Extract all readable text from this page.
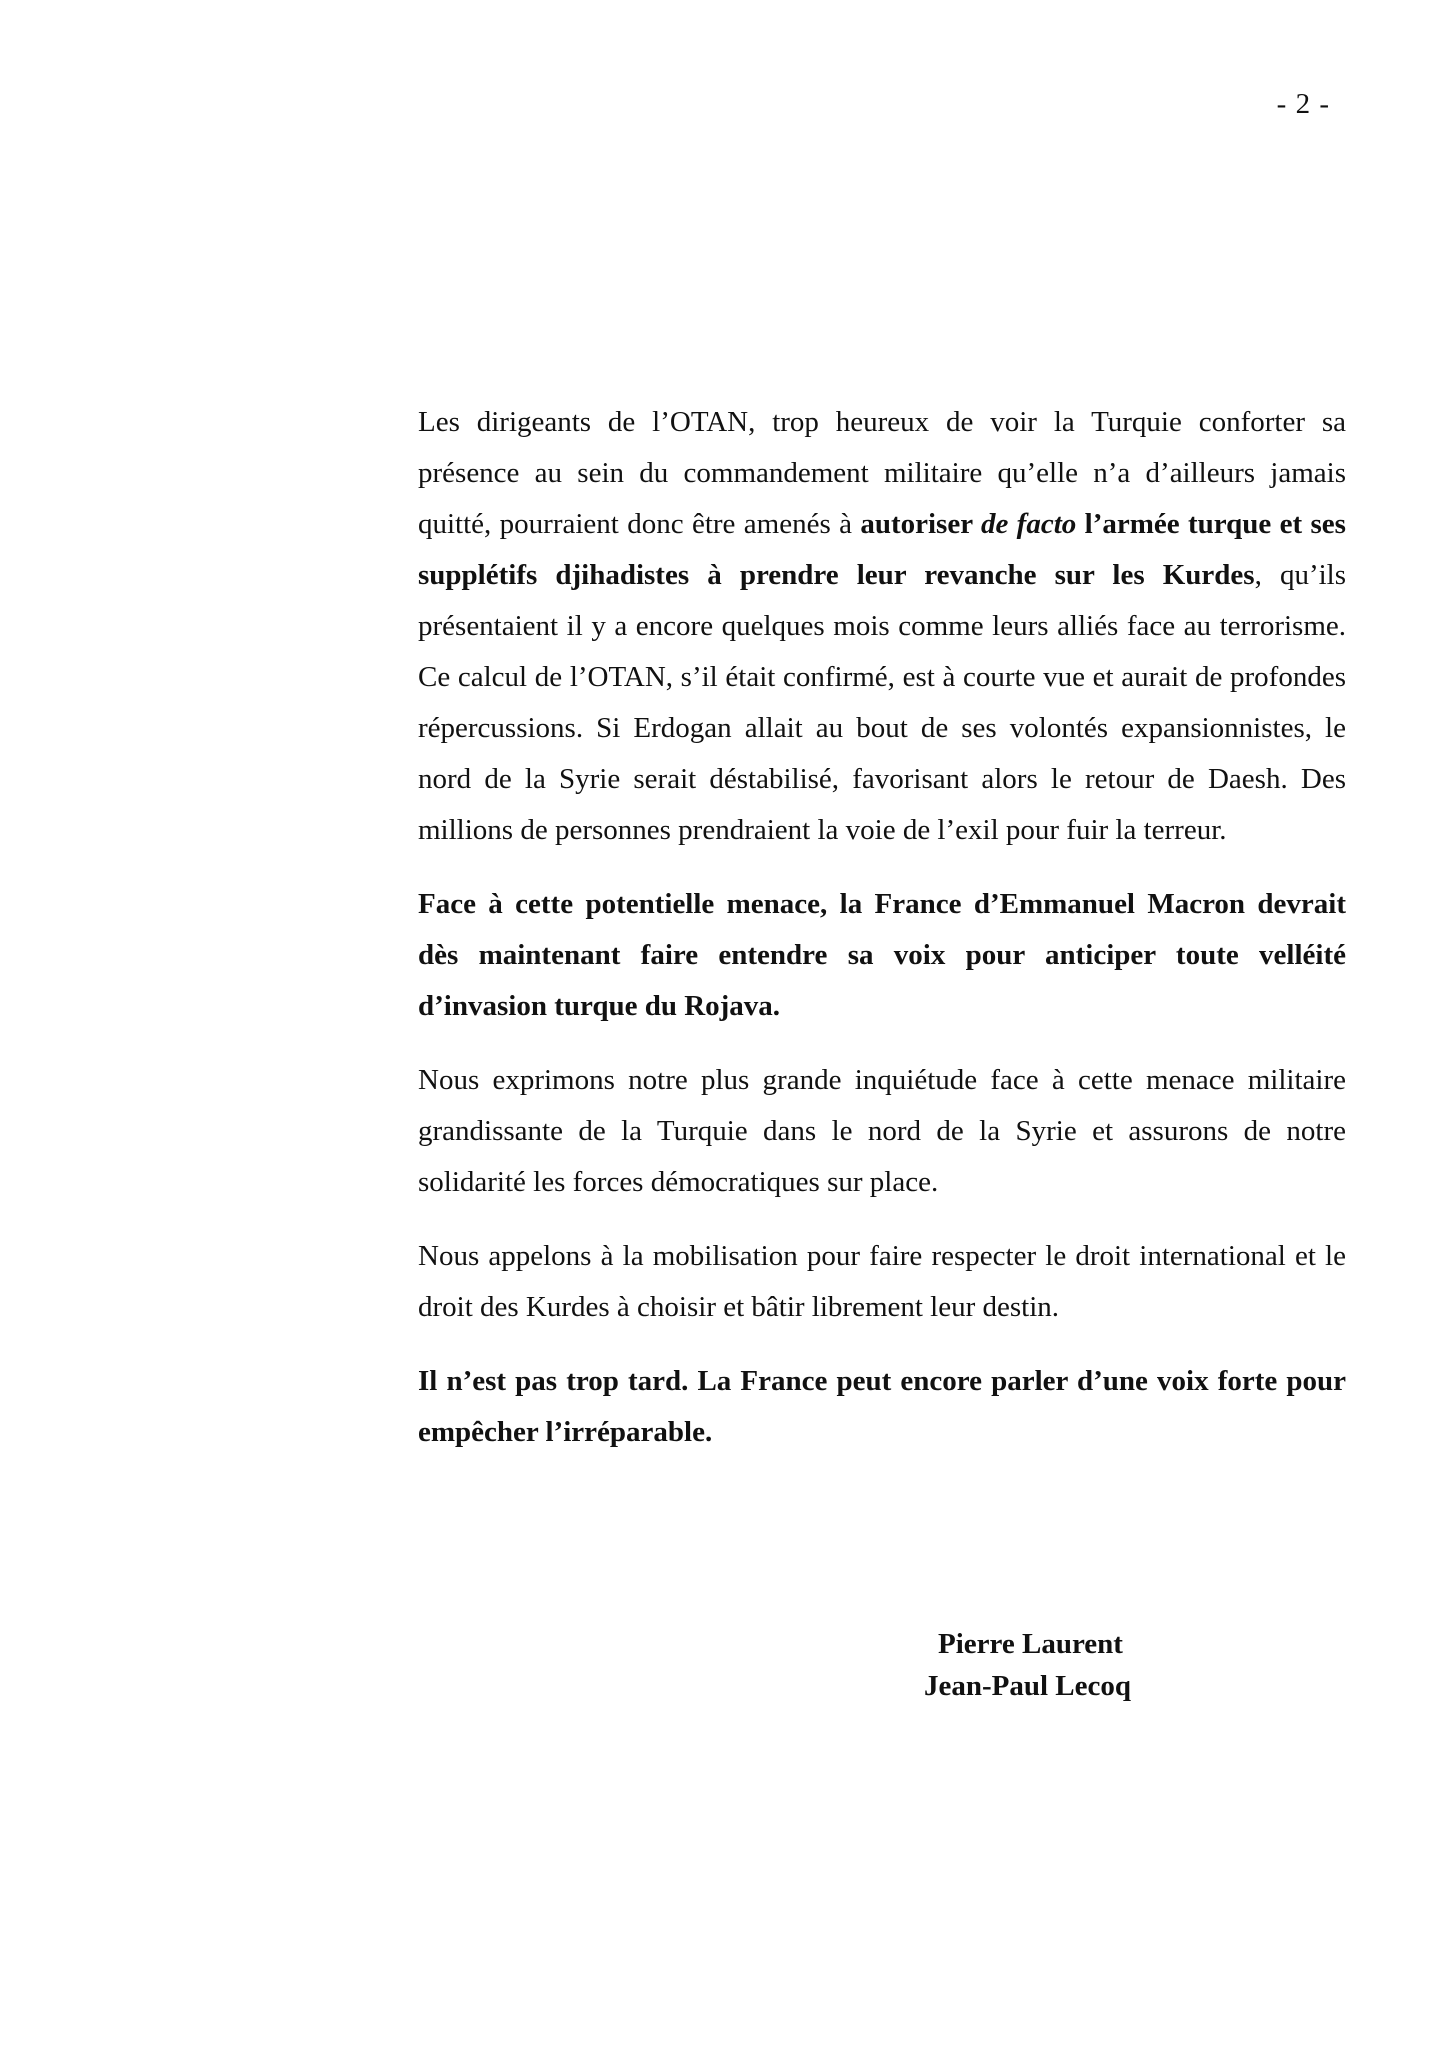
- 2 -

Les dirigeants de l’OTAN, trop heureux de voir la Turquie conforter sa présence au sein du commandement militaire qu’elle n’a d’ailleurs jamais quitté, pourraient donc être amenés à autoriser de facto l’armée turque et ses supplétifs djihadistes à prendre leur revanche sur les Kurdes, qu’ils présentaient il y a encore quelques mois comme leurs alliés face au terrorisme. Ce calcul de l’OTAN, s’il était confirmé, est à courte vue et aurait de profondes répercussions. Si Erdogan allait au bout de ses volontés expansionnistes, le nord de la Syrie serait déstabilisé, favorisant alors le retour de Daesh. Des millions de personnes prendraient la voie de l’exil pour fuir la terreur.

Face à cette potentielle menace, la France d’Emmanuel Macron devrait dès maintenant faire entendre sa voix pour anticiper toute velléité d’invasion turque du Rojava.

Nous exprimons notre plus grande inquiétude face à cette menace militaire grandissante de la Turquie dans le nord de la Syrie et assurons de notre solidarité les forces démocratiques sur place.

Nous appelons à la mobilisation pour faire respecter le droit international et le droit des Kurdes à choisir et bâtir librement leur destin.

Il n’est pas trop tard. La France peut encore parler d’une voix forte pour empêcher l’irréparable.

Pierre Laurent
Jean-Paul Lecoq
